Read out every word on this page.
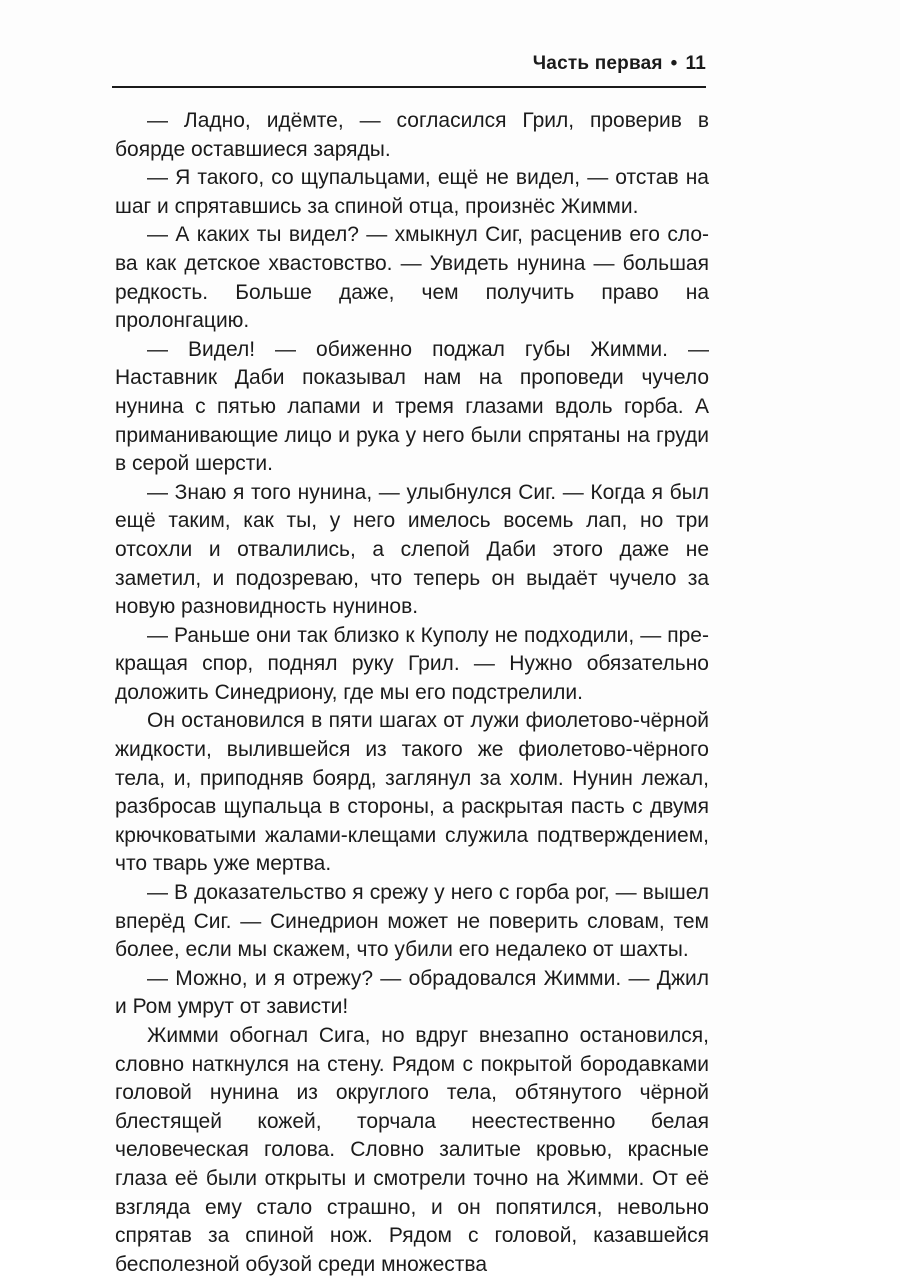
Часть первая • 11

— Ладно, идёмте, — согласился Грил, проверив в боярде оставшиеся заряды.

— Я такого, со щупальцами, ещё не видел, — отстав на шаг и спрятавшись за спиной отца, произнёс Жимми.

— А каких ты видел? — хмыкнул Сиг, расценив его слова как детское хвастовство. — Увидеть нунина — большая редкость. Больше даже, чем получить право на пролонгацию.

— Видел! — обиженно поджал губы Жимми. — Наставник Даби показывал нам на проповеди чучело нунина с пятью лапами и тремя глазами вдоль горба. А приманивающие лицо и рука у него были спрятаны на груди в серой шерсти.

— Знаю я того нунина, — улыбнулся Сиг. — Когда я был ещё таким, как ты, у него имелось восемь лап, но три отсохли и отвалились, а слепой Даби этого даже не заметил, и подозреваю, что теперь он выдаёт чучело за новую разновидность нунинов.

— Раньше они так близко к Куполу не подходили, — прекращая спор, поднял руку Грил. — Нужно обязательно доложить Синедриону, где мы его подстрелили.

Он остановился в пяти шагах от лужи фиолетово-чёрной жидкости, вылившейся из такого же фиолетово-чёрного тела, и, приподняв боярд, заглянул за холм. Нунин лежал, разбросав щупальца в стороны, а раскрытая пасть с двумя крючковатыми жалами-клещами служила подтверждением, что тварь уже мертва.

— В доказательство я срежу у него с горба рог, — вышел вперёд Сиг. — Синедрион может не поверить словам, тем более, если мы скажем, что убили его недалеко от шахты.

— Можно, и я отрежу? — обрадовался Жимми. — Джил и Ром умрут от зависти!

Жимми обогнал Сига, но вдруг внезапно остановился, словно наткнулся на стену. Рядом с покрытой бородавками головой нунина из округлого тела, обтянутого чёрной блестящей кожей, торчала неестественно белая человеческая голова. Словно залитые кровью, красные глаза её были открыты и смотрели точно на Жимми. От её взгляда ему стало страшно, и он попятился, невольно спрятав за спиной нож. Рядом с головой, казавшейся бесполезной обузой среди множества
